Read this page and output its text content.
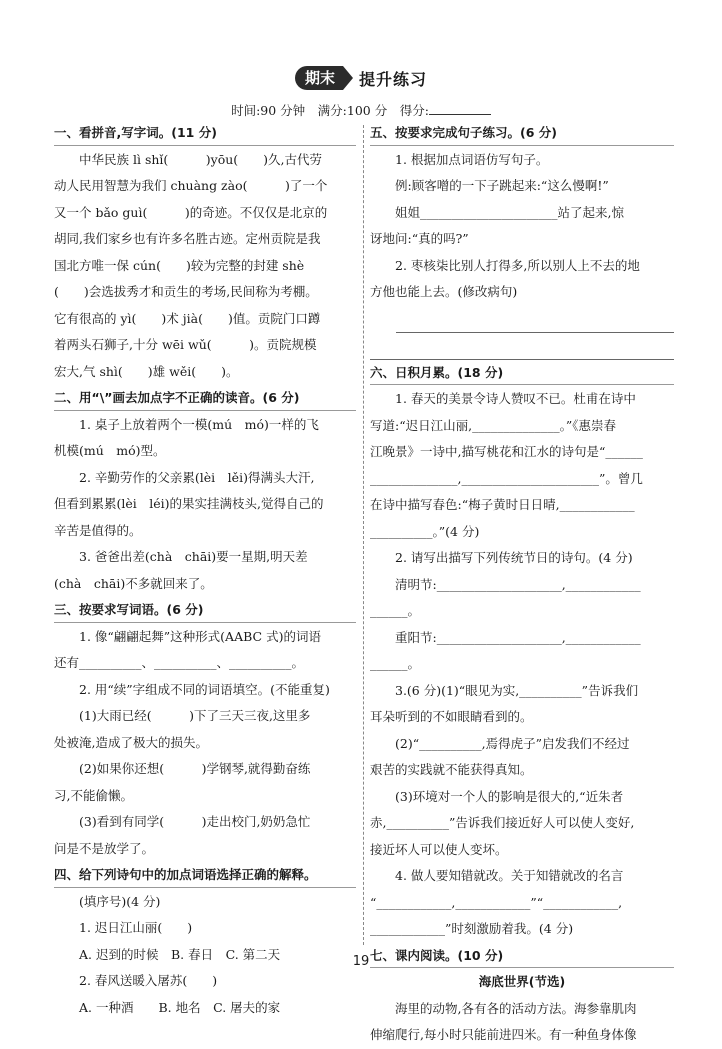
期末 提升练习
时间:90 分钟　满分:100 分　得分:
一、看拼音,写字词。(11 分)

中华民族 lì shǐ(　　　)yōu(　　)久,古代劳

动人民用智慧为我们 chuàng zào(　　　)了一个

又一个 bǎo guì(　　　)的奇迹。不仅仅是北京的

胡同,我们家乡也有许多名胜古迹。定州贡院是我

国北方唯一保 cún(　　)较为完整的封建 shè

(　　)会选拔秀才和贡生的考场,民间称为考棚。

它有很高的 yì(　　)术 jià(　　)值。贡院门口蹲

着两头石狮子,十分 wēi wǔ(　　　)。贡院规模

宏大,气 shì(　　)雄 wěi(　　)。

二、用“\”画去加点字不正确的读音。(6 分)

1. 桌子上放着两个一模(mú　mó)一样的飞

机模(mú　mó)型。

2. 辛勤劳作的父亲累(lèi　lěi)得满头大汗,

但看到累累(lèi　léi)的果实挂满枝头,觉得自己的

辛苦是值得的。

3. 爸爸出差(chà　chāi)要一星期,明天差

(chà　chāi)不多就回来了。

三、按要求写词语。(6 分)

1. 像“翩翩起舞”这种形式(AABC 式)的词语

还有__________、__________、__________。

2. 用“续”字组成不同的词语填空。(不能重复)

(1)大雨已经(　　　)下了三天三夜,这里多

处被淹,造成了极大的损失。

(2)如果你还想(　　　)学钢琴,就得勤奋练

习,不能偷懒。

(3)看到有同学(　　　)走出校门,奶奶急忙

问是不是放学了。

四、给下列诗句中的加点词语选择正确的解释。

(填序号)(4 分)

1. 迟日江山丽(　　)

A. 迟到的时候　B. 春日　C. 第二天

2. 春风送暖入屠苏(　　)

A. 一种酒　　B. 地名　C. 屠夫的家

五、按要求完成句子练习。(6 分)

1. 根据加点词语仿写句子。

例:顾客噌的一下子跳起来:“这么慢啊!”

姐姐______________________站了起来,惊

讶地问:“真的吗?”

2. 枣核柒比别人打得多,所以别人上不去的地

方他也能上去。(修改病句)

六、日积月累。(18 分)

1. 春天的美景令诗人赞叹不已。杜甫在诗中

写道:“迟日江山丽,______________。”《惠崇春

江晚景》一诗中,描写桃花和江水的诗句是“______

______________,______________________”。曾几

在诗中描写春色:“梅子黄时日日晴,____________

__________。”(4 分)

2. 请写出描写下列传统节日的诗句。(4 分)

清明节:____________________,____________

______。

重阳节:____________________,____________

______。

3.(6 分)(1)“眼见为实,__________”告诉我们

耳朵听到的不如眼睛看到的。

(2)“__________,焉得虎子”启发我们不经过

艰苦的实践就不能获得真知。

(3)环境对一个人的影响是很大的,“近朱者

赤,__________”告诉我们接近好人可以使人变好,

接近坏人可以使人变坏。

4. 做人要知错就改。关于知错就改的名言

“____________,____________”“____________,

____________”时刻激励着我。(4 分)

七、课内阅读。(10 分)
海底世界(节选)

海里的动物,各有各的活动方法。海参靠肌肉

伸缩爬行,每小时只能前进四米。有一种鱼身体像

19
